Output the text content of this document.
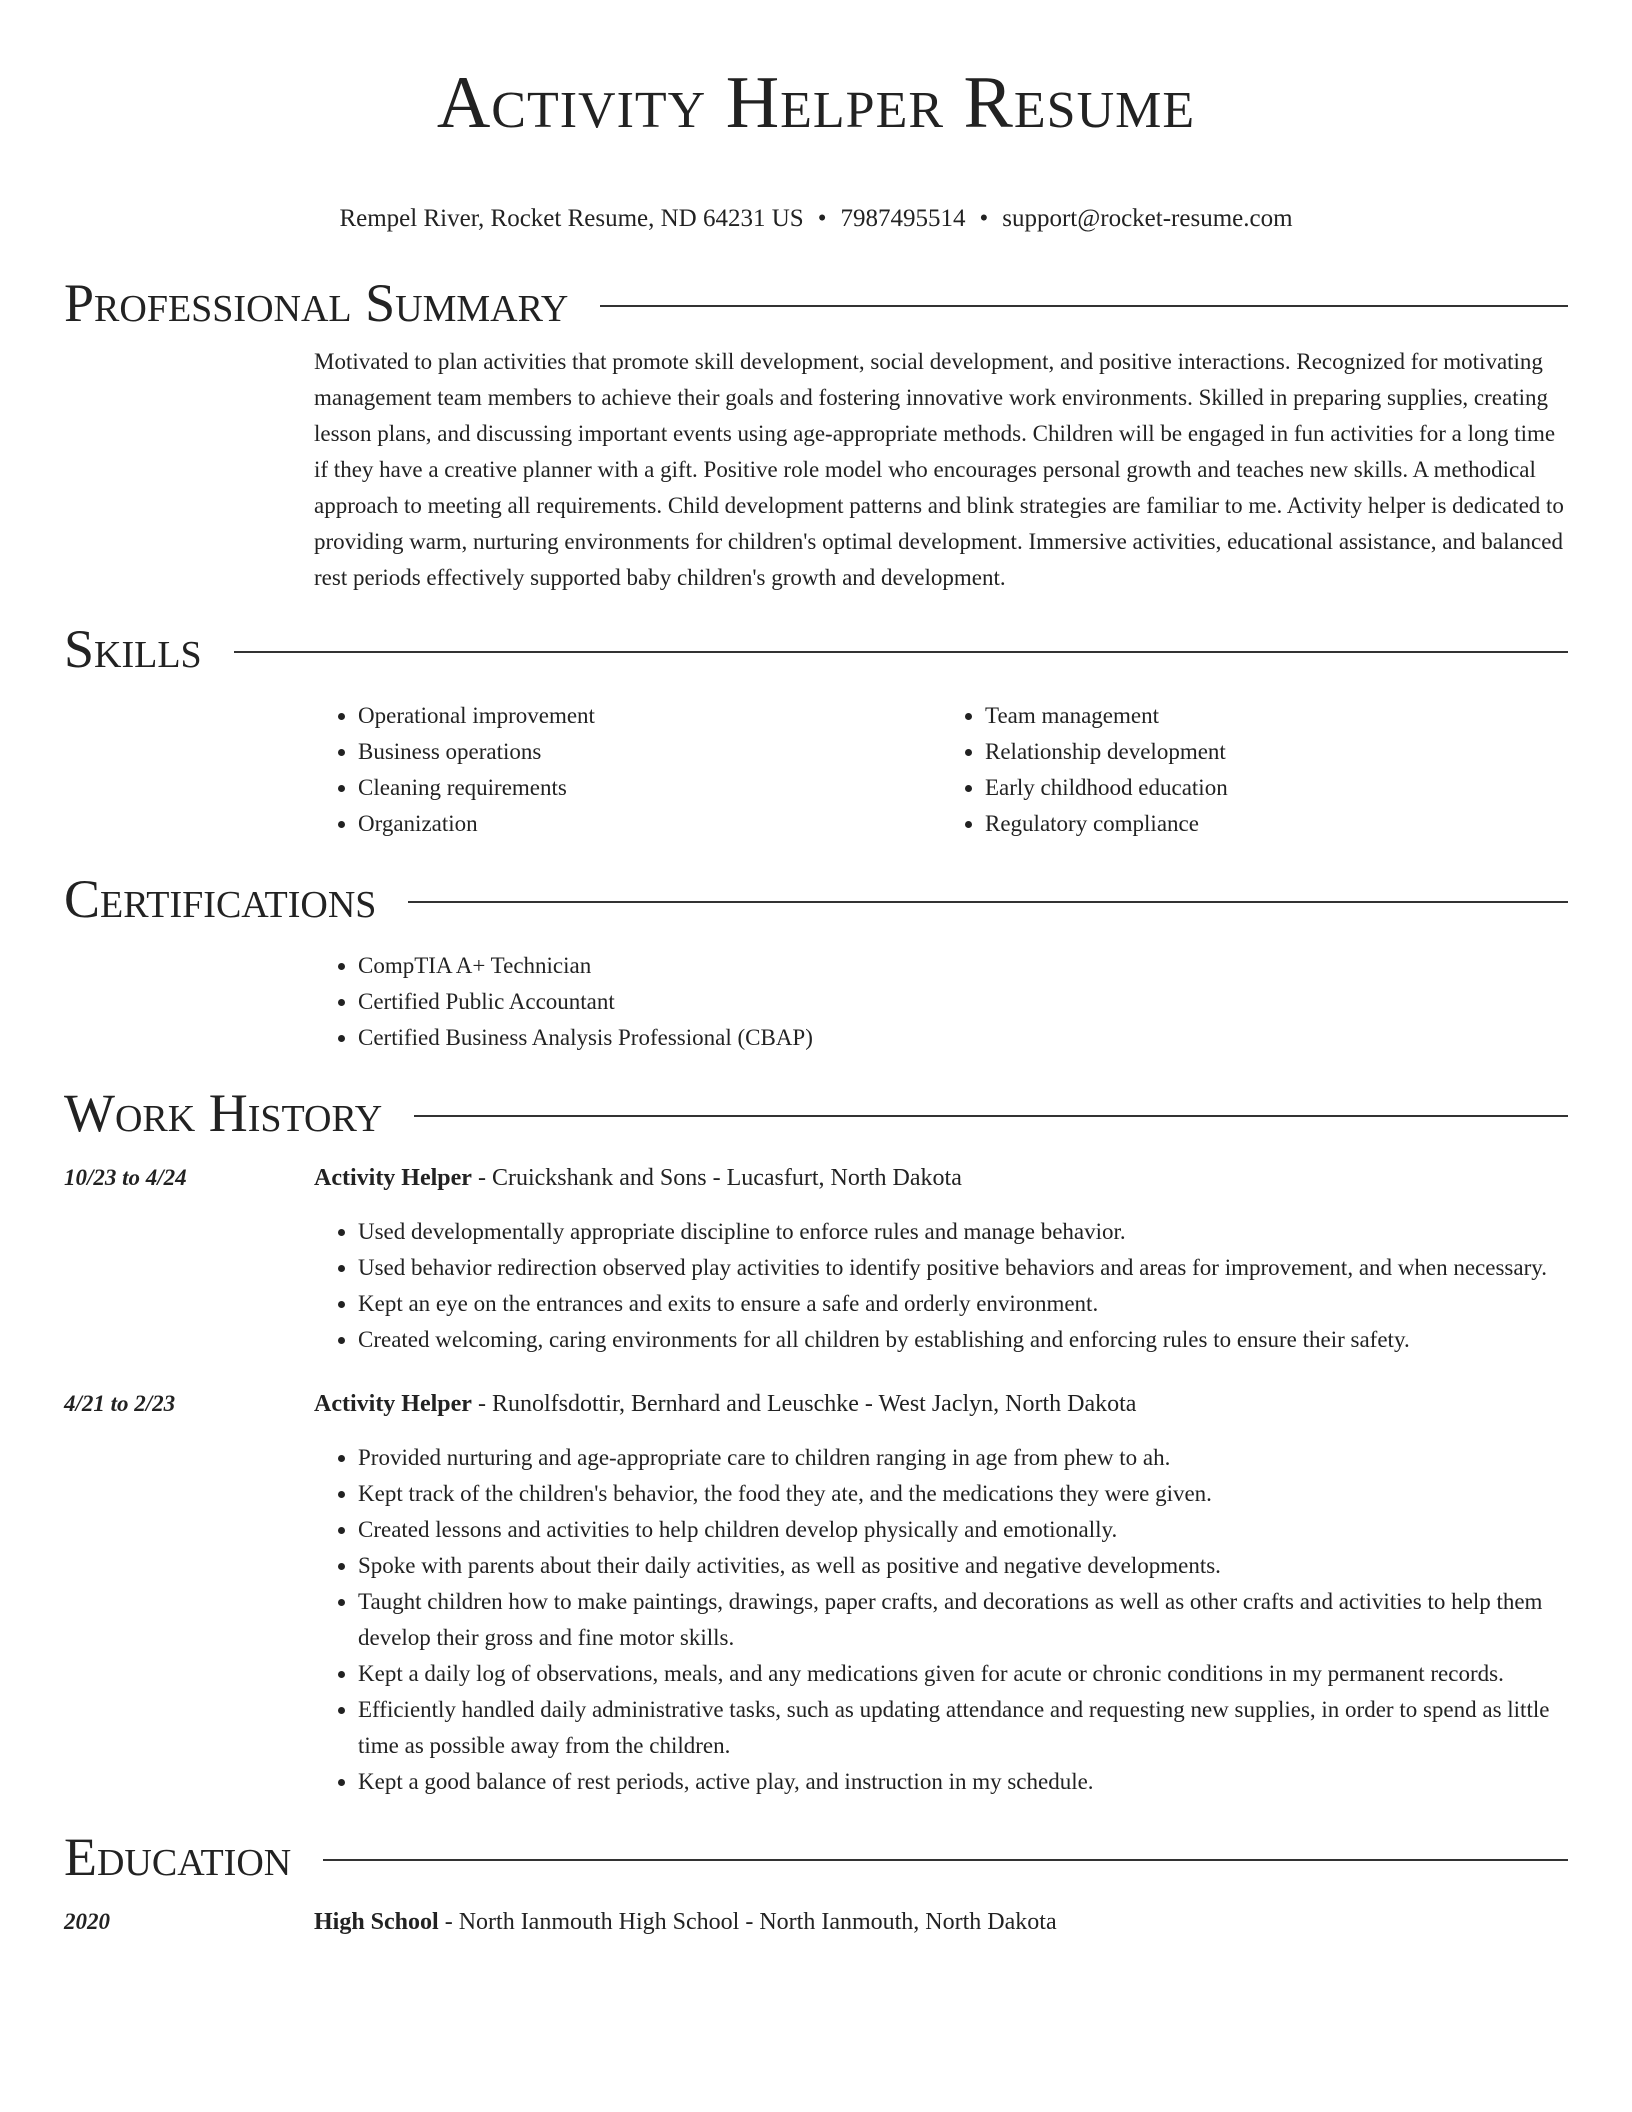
Activity Helper Resume
Rempel River, Rocket Resume, ND 64231 US • 7987495514 • support@rocket-resume.com
Professional Summary
Motivated to plan activities that promote skill development, social development, and positive interactions. Recognized for motivating management team members to achieve their goals and fostering innovative work environments. Skilled in preparing supplies, creating lesson plans, and discussing important events using age-appropriate methods. Children will be engaged in fun activities for a long time if they have a creative planner with a gift. Positive role model who encourages personal growth and teaches new skills. A methodical approach to meeting all requirements. Child development patterns and blink strategies are familiar to me. Activity helper is dedicated to providing warm, nurturing environments for children's optimal development. Immersive activities, educational assistance, and balanced rest periods effectively supported baby children's growth and development.
Skills
• Operational improvement
• Business operations
• Cleaning requirements
• Organization
• Team management
• Relationship development
• Early childhood education
• Regulatory compliance
Certifications
• CompTIA A+ Technician
• Certified Public Accountant
• Certified Business Analysis Professional (CBAP)
Work History
10/23 to 4/24	Activity Helper - Cruickshank and Sons - Lucasfurt, North Dakota
• Used developmentally appropriate discipline to enforce rules and manage behavior.
• Used behavior redirection observed play activities to identify positive behaviors and areas for improvement, and when necessary.
• Kept an eye on the entrances and exits to ensure a safe and orderly environment.
• Created welcoming, caring environments for all children by establishing and enforcing rules to ensure their safety.
4/21 to 2/23	Activity Helper - Runolfsdottir, Bernhard and Leuschke - West Jaclyn, North Dakota
• Provided nurturing and age-appropriate care to children ranging in age from phew to ah.
• Kept track of the children's behavior, the food they ate, and the medications they were given.
• Created lessons and activities to help children develop physically and emotionally.
• Spoke with parents about their daily activities, as well as positive and negative developments.
• Taught children how to make paintings, drawings, paper crafts, and decorations as well as other crafts and activities to help them develop their gross and fine motor skills.
• Kept a daily log of observations, meals, and any medications given for acute or chronic conditions in my permanent records.
• Efficiently handled daily administrative tasks, such as updating attendance and requesting new supplies, in order to spend as little time as possible away from the children.
• Kept a good balance of rest periods, active play, and instruction in my schedule.
Education
2020	High School - North Ianmouth High School - North Ianmouth, North Dakota
